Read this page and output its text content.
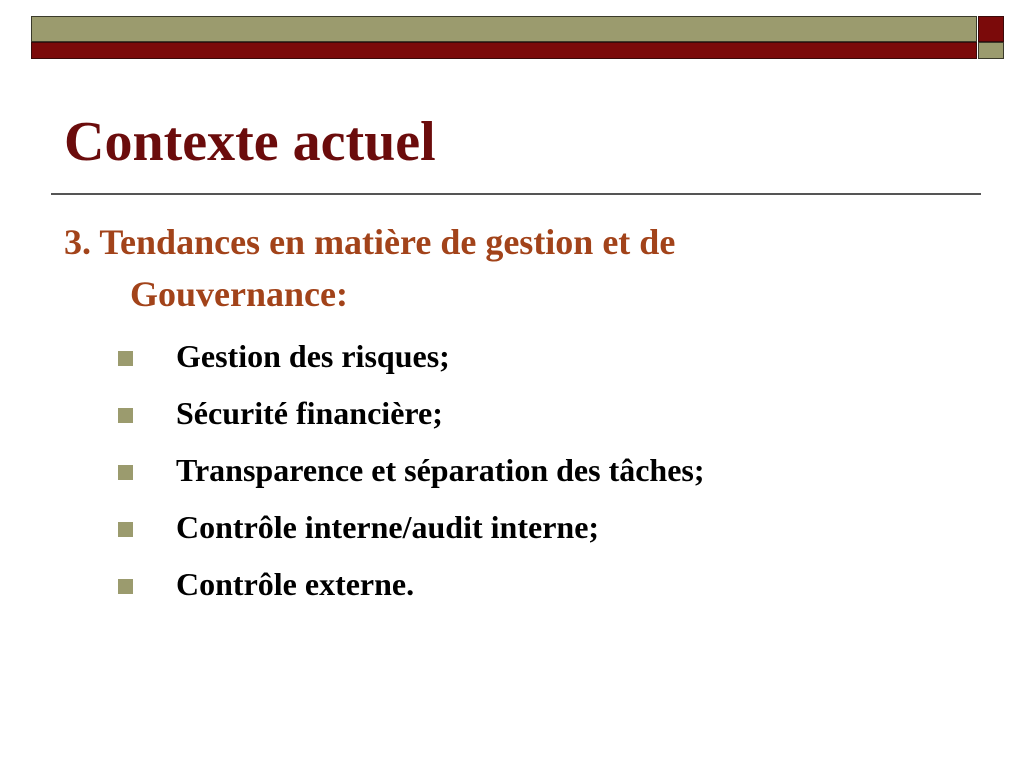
Contexte actuel
3. Tendances en matière de gestion et de
Gouvernance:
Gestion des risques;
Sécurité financière;
Transparence et séparation des tâches;
Contrôle interne/audit interne;
Contrôle externe.
